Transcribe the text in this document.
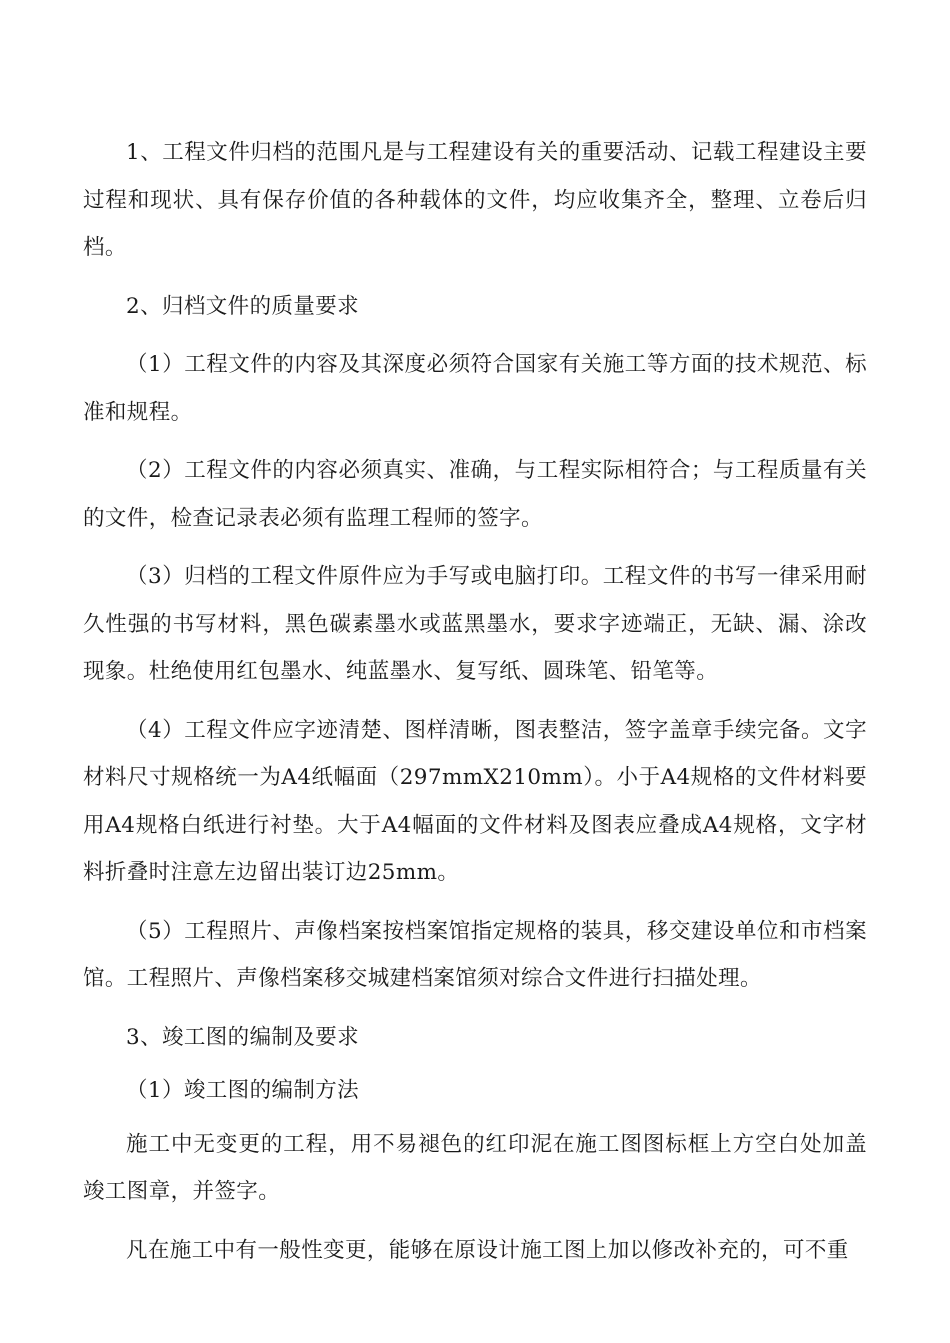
1、工程文件归档的范围凡是与工程建设有关的重要活动、记载工程建设主要过程和现状、具有保存价值的各种载体的文件，均应收集齐全，整理、立卷后归档。

2、归档文件的质量要求

（1）工程文件的内容及其深度必须符合国家有关施工等方面的技术规范、标准和规程。

（2）工程文件的内容必须真实、准确，与工程实际相符合；与工程质量有关的文件，检查记录表必须有监理工程师的签字。

（3）归档的工程文件原件应为手写或电脑打印。工程文件的书写一律采用耐久性强的书写材料，黑色碳素墨水或蓝黑墨水，要求字迹端正，无缺、漏、涂改现象。杜绝使用红包墨水、纯蓝墨水、复写纸、圆珠笔、铅笔等。

（4）工程文件应字迹清楚、图样清晰，图表整洁，签字盖章手续完备。文字材料尺寸规格统一为A4纸幅面（297mmX210mm）。小于A4规格的文件材料要用A4规格白纸进行衬垫。大于A4幅面的文件材料及图表应叠成A4规格，文字材料折叠时注意左边留出装订边25mm。

（5）工程照片、声像档案按档案馆指定规格的装具，移交建设单位和市档案馆。工程照片、声像档案移交城建档案馆须对综合文件进行扫描处理。

3、竣工图的编制及要求

（1）竣工图的编制方法

施工中无变更的工程，用不易褪色的红印泥在施工图图标框上方空白处加盖竣工图章，并签字。

凡在施工中有一般性变更，能够在原设计施工图上加以修改补充的，可不重
